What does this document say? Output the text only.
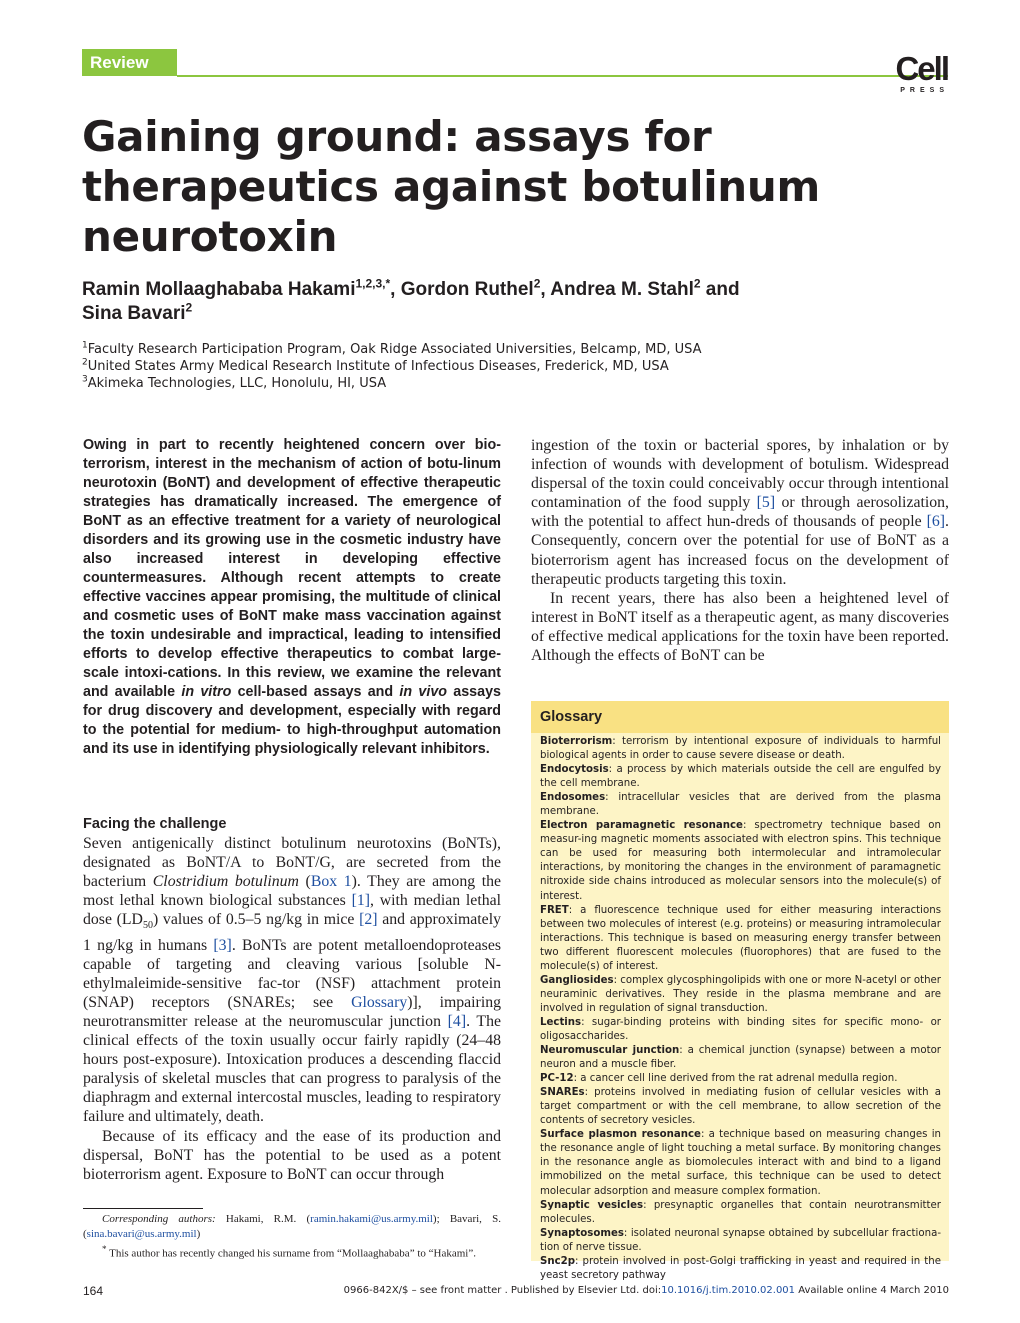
Review	Cell
PRESS
Gaining ground: assays for therapeutics against botulinum neurotoxin
Ramin Mollaaghababa Hakami$^{1,2,3,*}$, Gordon Ruthel$^2$, Andrea M. Stahl$^2$ and
Sina Bavari$^2$
$^1$Faculty Research Participation Program, Oak Ridge Associated Universities, Belcamp, MD, USA
$^2$United States Army Medical Research Institute of Infectious Diseases, Frederick, MD, USA
$^3$Akimeka Technologies, LLC, Honolulu, HI, USA
Owing in part to recently heightened concern over bio-terrorism, interest in the mechanism of action of botu-linum neurotoxin (BoNT) and development of effective therapeutic strategies has dramatically increased. The emergence of BoNT as an effective treatment for a variety of neurological disorders and its growing use in the cosmetic industry have also increased interest in developing effective countermeasures. Although recent attempts to create effective vaccines appear promising, the multitude of clinical and cosmetic uses of BoNT make mass vaccination against the toxin undesirable and impractical, leading to intensified efforts to develop effective therapeutics to combat large-scale intoxi-cations. In this review, we examine the relevant and available in vitro cell-based assays and in vivo assays for drug discovery and development, especially with regard to the potential for medium- to high-throughput automation and its use in identifying physiologically relevant inhibitors.
Facing the challenge
Seven antigenically distinct botulinum neurotoxins (BoNTs), designated as BoNT/A to BoNT/G, are secreted from the bacterium Clostridium botulinum (Box 1). They are among the most lethal known biological substances [1], with median lethal dose $(LD_{50})$ values of 0.5–5 ng/kg in mice [2] and approximately 1 ng/kg in humans [3]. BoNTs are potent metalloendoproteases capable of targeting and cleaving various [soluble N-ethylmaleimide-sensitive fac-tor (NSF) attachment protein (SNAP) receptors (SNAREs; see Glossary)], impairing neurotransmitter release at the neuromuscular junction [4]. The clinical effects of the toxin usually occur fairly rapidly (24–48 hours post-exposure). Intoxication produces a descending flaccid paralysis of skeletal muscles that can progress to paralysis of the diaphragm and external intercostal muscles, leading to respiratory failure and ultimately, death.
Because of its efficacy and the ease of its production and dispersal, BoNT has the potential to be used as a potent bioterrorism agent. Exposure to BoNT can occur through
Corresponding authors: Hakami, R.M. (ramin.hakami@us.army.mil); Bavari, S. (sina.bavari@us.army.mil)
* This author has recently changed his surname from “Mollaaghababa” to “Hakami”.
ingestion of the toxin or bacterial spores, by inhalation or by infection of wounds with development of botulism. Widespread dispersal of the toxin could conceivably occur through intentional contamination of the food supply [5] or through aerosolization, with the potential to affect hun-dreds of thousands of people [6]. Consequently, concern over the potential for use of BoNT as a bioterrorism agent has increased focus on the development of therapeutic products targeting this toxin.
In recent years, there has also been a heightened level of interest in BoNT itself as a therapeutic agent, as many discoveries of effective medical applications for the toxin have been reported. Although the effects of BoNT can be
Glossary

Bioterrorism: terrorism by intentional exposure of individuals to harmful biological agents in order to cause severe disease or death.

Endocytosis: a process by which materials outside the cell are engulfed by the cell membrane.

Endosomes: intracellular vesicles that are derived from the plasma membrane.

Electron paramagnetic resonance: spectrometry technique based on measur-ing magnetic moments associated with electron spins. This technique can be used for measuring both intermolecular and intramolecular interactions, by monitoring the changes in the environment of paramagnetic nitroxide side chains introduced as molecular sensors into the molecule(s) of interest.

FRET: a fluorescence technique used for either measuring interactions between two molecules of interest (e.g. proteins) or measuring intramolecular interactions. This technique is based on measuring energy transfer between two different fluorescent molecules (fluorophores) that are fused to the molecule(s) of interest.

Gangliosides: complex glycosphingolipids with one or more N-acetyl or other neuraminic derivatives. They reside in the plasma membrane and are involved in regulation of signal transduction.

Lectins: sugar-binding proteins with binding sites for specific mono- or oligosaccharides.

Neuromuscular junction: a chemical junction (synapse) between a motor neuron and a muscle fiber.

PC-12: a cancer cell line derived from the rat adrenal medulla region.

SNAREs: proteins involved in mediating fusion of cellular vesicles with a target compartment or with the cell membrane, to allow secretion of the contents of secretory vesicles.

Surface plasmon resonance: a technique based on measuring changes in the resonance angle of light touching a metal surface. By monitoring changes in the resonance angle as biomolecules interact with and bind to a ligand immobilized on the metal surface, this technique can be used to detect molecular adsorption and measure complex formation.

Synaptic vesicles: presynaptic organelles that contain neurotransmitter molecules.

Synaptosomes: isolated neuronal synapse obtained by subcellular fractiona-tion of nerve tissue.

Snc2p: protein involved in post-Golgi trafficking in yeast and required in the yeast secretory pathway

164	0966-842X/$ – see front matter . Published by Elsevier Ltd. doi:10.1016/j.tim.2010.02.001 Available online 4 March 2010
